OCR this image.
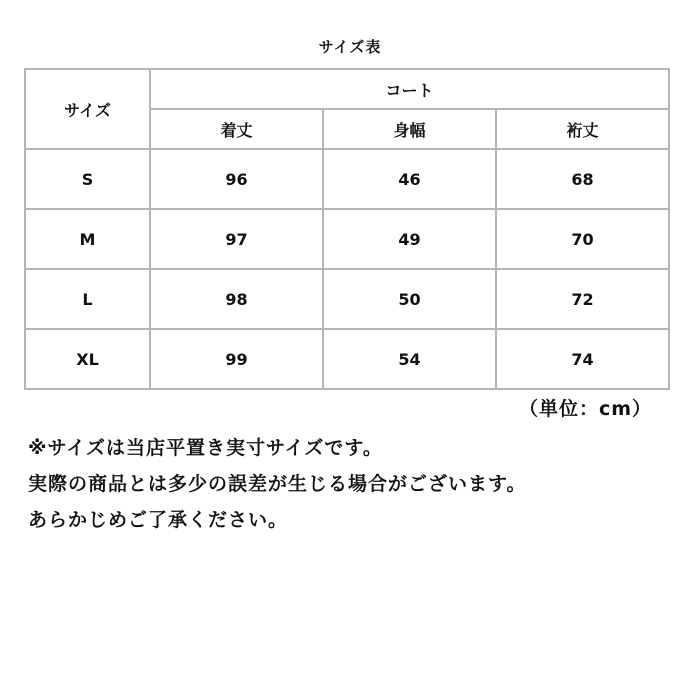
サイズ表
サイズ	コート		
	着丈	身幅	裄丈
S	96	46	68
M	97	49	70
L	98	50	72
XL	99	54	74
（単位：cm）
※サイズは当店平置き実寸サイズです。
実際の商品とは多少の誤差が生じる場合がございます。
あらかじめご了承ください。
